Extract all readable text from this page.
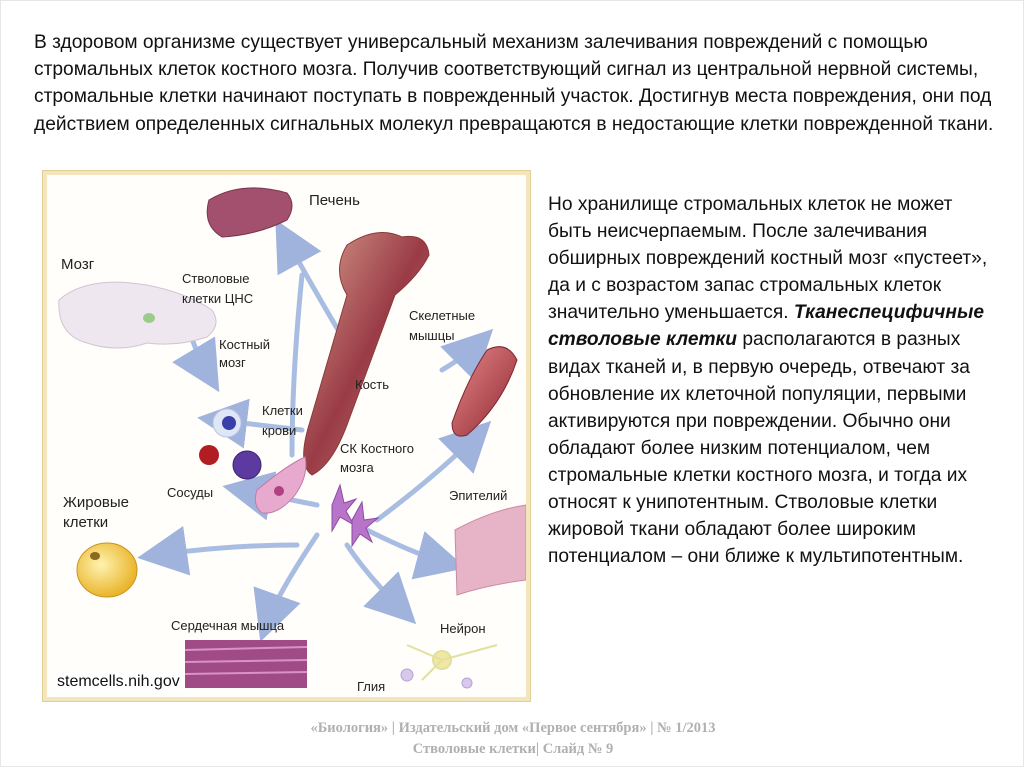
В здоровом организме существует универсальный механизм залечивания повреждений с помощью стромальных клеток костного мозга. Получив соответствующий сигнал из центральной нервной системы, стромальные клетки начинают поступать в поврежденный участок. Достигнув места повреждения, они под действием определенных сигнальных молекул превращаются в недостающие клетки поврежденной ткани.

Печень
Мозг
Стволовые
клетки ЦНС
Костный
мозг
Кость
Скелетные
мышцы
Клетки
крови
СК Костного
мозга
Сосуды
Жировые
клетки
Эпителий
Сердечная мышца	Нейрон
Глия
stemcells.nih.gov

Но хранилище стромальных клеток не может быть неисчерпаемым. После залечивания обширных повреждений костный мозг «пустеет», да и с возрастом запас стромальных клеток значительно уменьшается. Тканеспецифичные стволовые клетки располагаются в разных видах тканей и, в первую очередь, отвечают за обновление их клеточной популяции, первыми активируются при повреждении. Обычно они обладают более низким потенциалом, чем стромальные клетки костного мозга, и тогда их относят к унипотентным. Стволовые клетки жировой ткани обладают более широким потенциалом – они ближе к мультипотентным.

«Биология» | Издательский дом «Первое сентября» | № 1/2013
Стволовые клетки| Слайд № 9
